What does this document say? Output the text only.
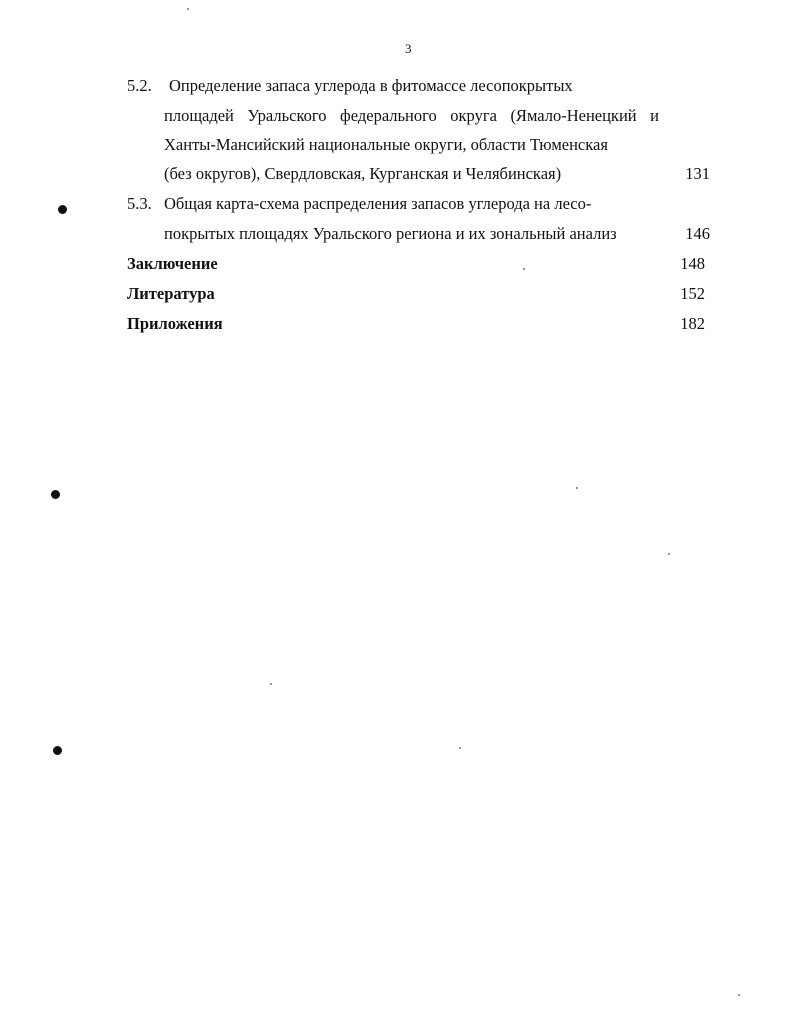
3
5.2. Определение запаса углерода в фитомассе лесопокрытых
площадей Уральского федерального округа (Ямало-Ненецкий и
Ханты-Мансийский национальные округи, области Тюменская
(без округов), Свердловская, Курганская и Челябинская)	131
5.3. Общая карта-схема распределения запасов углерода на лесо-
покрытых площадях Уральского региона и их зональный анализ	146
Заключение	148
Литература	152
Приложения	182
